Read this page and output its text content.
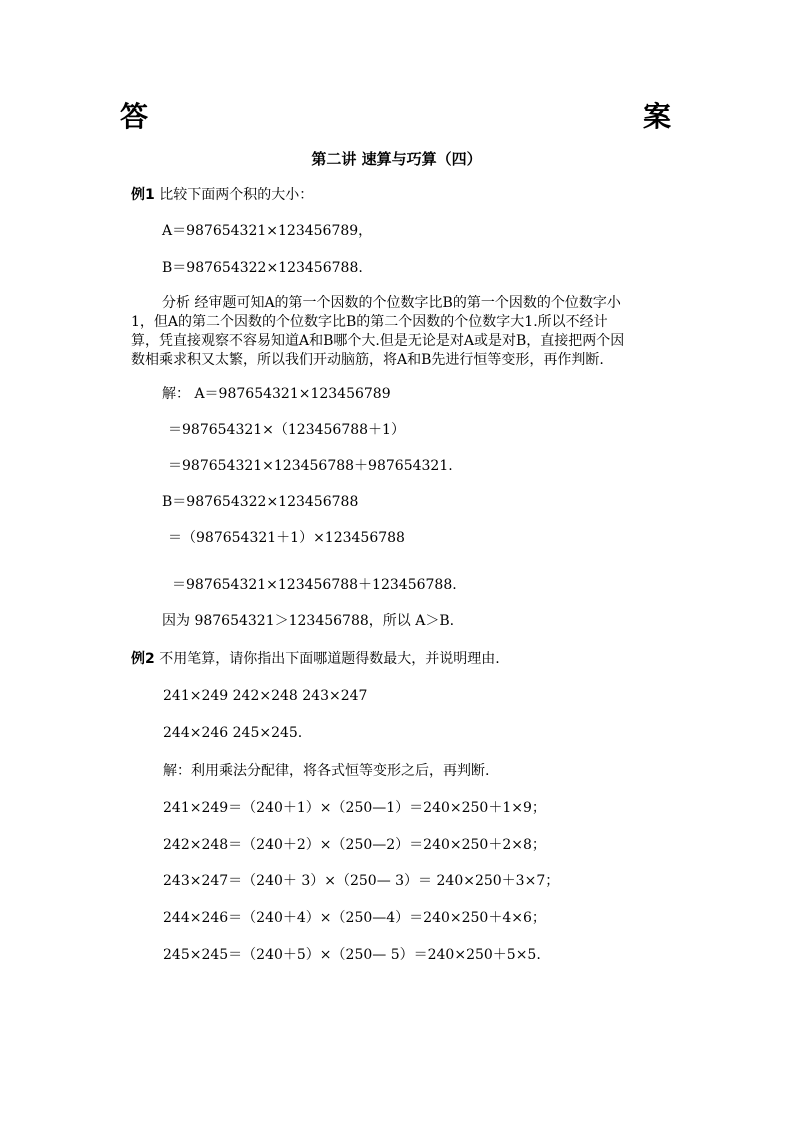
答	案
第二讲 速算与巧算（四）
例1 比较下面两个积的大小：
A＝987654321×123456789，
B＝987654322×123456788.
分析 经审题可知A的第一个因数的个位数字比B的第一个因数的个位数字小
1，但A的第二个因数的个位数字比B的第二个因数的个位数字大1.所以不经计
算，凭直接观察不容易知道A和B哪个大.但是无论是对A或是对B，直接把两个因
数相乘求积又太繁，所以我们开动脑筋，将A和B先进行恒等变形，再作判断.
解： A＝987654321×123456789
＝987654321×（123456788＋1）
＝987654321×123456788＋987654321.
B＝987654322×123456788
＝（987654321＋1）×123456788
＝987654321×123456788＋123456788.
因为 987654321＞123456788，所以 A＞B.
例2 不用笔算，请你指出下面哪道题得数最大，并说明理由.
241×249 242×248 243×247
244×246 245×245.
解：利用乘法分配律，将各式恒等变形之后，再判断.
241×249＝（240＋1）×（250—1）＝240×250＋1×9；
242×248＝（240＋2）×（250—2）＝240×250＋2×8；
243×247＝（240＋ 3）×（250— 3）＝ 240×250＋3×7；
244×246＝（240＋4）×（250—4）＝240×250＋4×6；
245×245＝（240＋5）×（250— 5）＝240×250＋5×5.
